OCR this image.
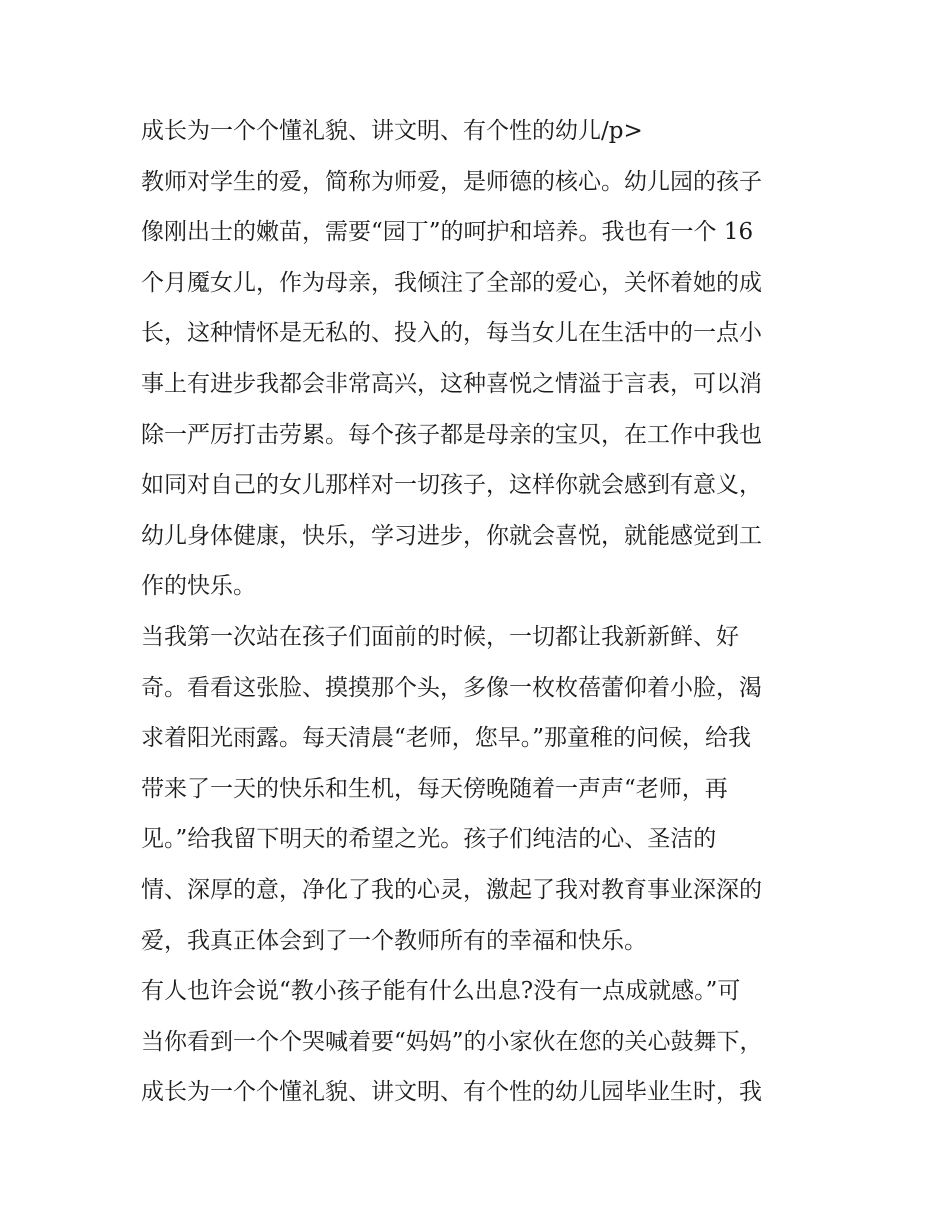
成长为一个个懂礼貌、讲文明、有个性的幼儿/p>
教师对学生的爱，简称为师爱，是师德的核心。幼儿园的孩子
像刚出士的嫩苗，需要“园丁”的呵护和培养。我也有一个 16
个月魇女儿，作为母亲，我倾注了全部的爱心，关怀着她的成
长，这种情怀是无私的、投入的，每当女儿在生活中的一点小
事上有进步我都会非常高兴，这种喜悦之情溢于言表，可以消
除一严厉打击劳累。每个孩子都是母亲的宝贝，在工作中我也
如同对自己的女儿那样对一切孩子，这样你就会感到有意义，
幼儿身体健康，快乐，学习进步，你就会喜悦，就能感觉到工
作的快乐。
当我第一次站在孩子们面前的时候，一切都让我新新鲜、好
奇。看看这张脸、摸摸那个头，多像一枚枚蓓蕾仰着小脸，渴
求着阳光雨露。每天清晨“老师，您早。”那童稚的问候，给我
带来了一天的快乐和生机，每天傍晚随着一声声“老师，再
见。”给我留下明天的希望之光。孩子们纯洁的心、圣洁的
情、深厚的意，净化了我的心灵，激起了我对教育事业深深的
爱，我真正体会到了一个教师所有的幸福和快乐。
有人也许会说“教小孩子能有什么出息?没有一点成就感。”可
当你看到一个个哭喊着要“妈妈”的小家伙在您的关心鼓舞下，
成长为一个个懂礼貌、讲文明、有个性的幼儿园毕业生时，我
